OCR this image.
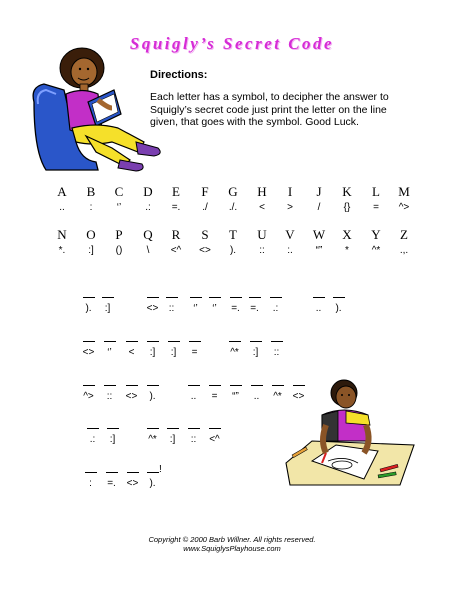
Squigly’s Secret Code
Directions:
Each letter has a symbol, to decipher the answer to Squigly’s secret code just print the letter on the line given, that goes with the symbol. Good Luck.
A
..
B
:
C
‘’
D
.:
E
=.
F
./
G
./.
H
<
I
>
J
/
K
{}
L
=
M
^>
N
*.
O
:]
P
()
Q
\
R
<^
S
<>
T
).
U
::
V
:.
W
“”
X
*
Y
^*
Z
.,.
).	:]	<>	::	‘’	‘’	=. =.	.:	..	).
<>	‘’	<	:]	:]	=	^*	:]	::
^>	::	<>	).	..	=	“”	..	^* <>
.:	:]	^*	:]	::	<^
:	=. <>	).
!
Copyright © 2000 Barb Willner. All rights reserved.
www.SquiglysPlayhouse.com
